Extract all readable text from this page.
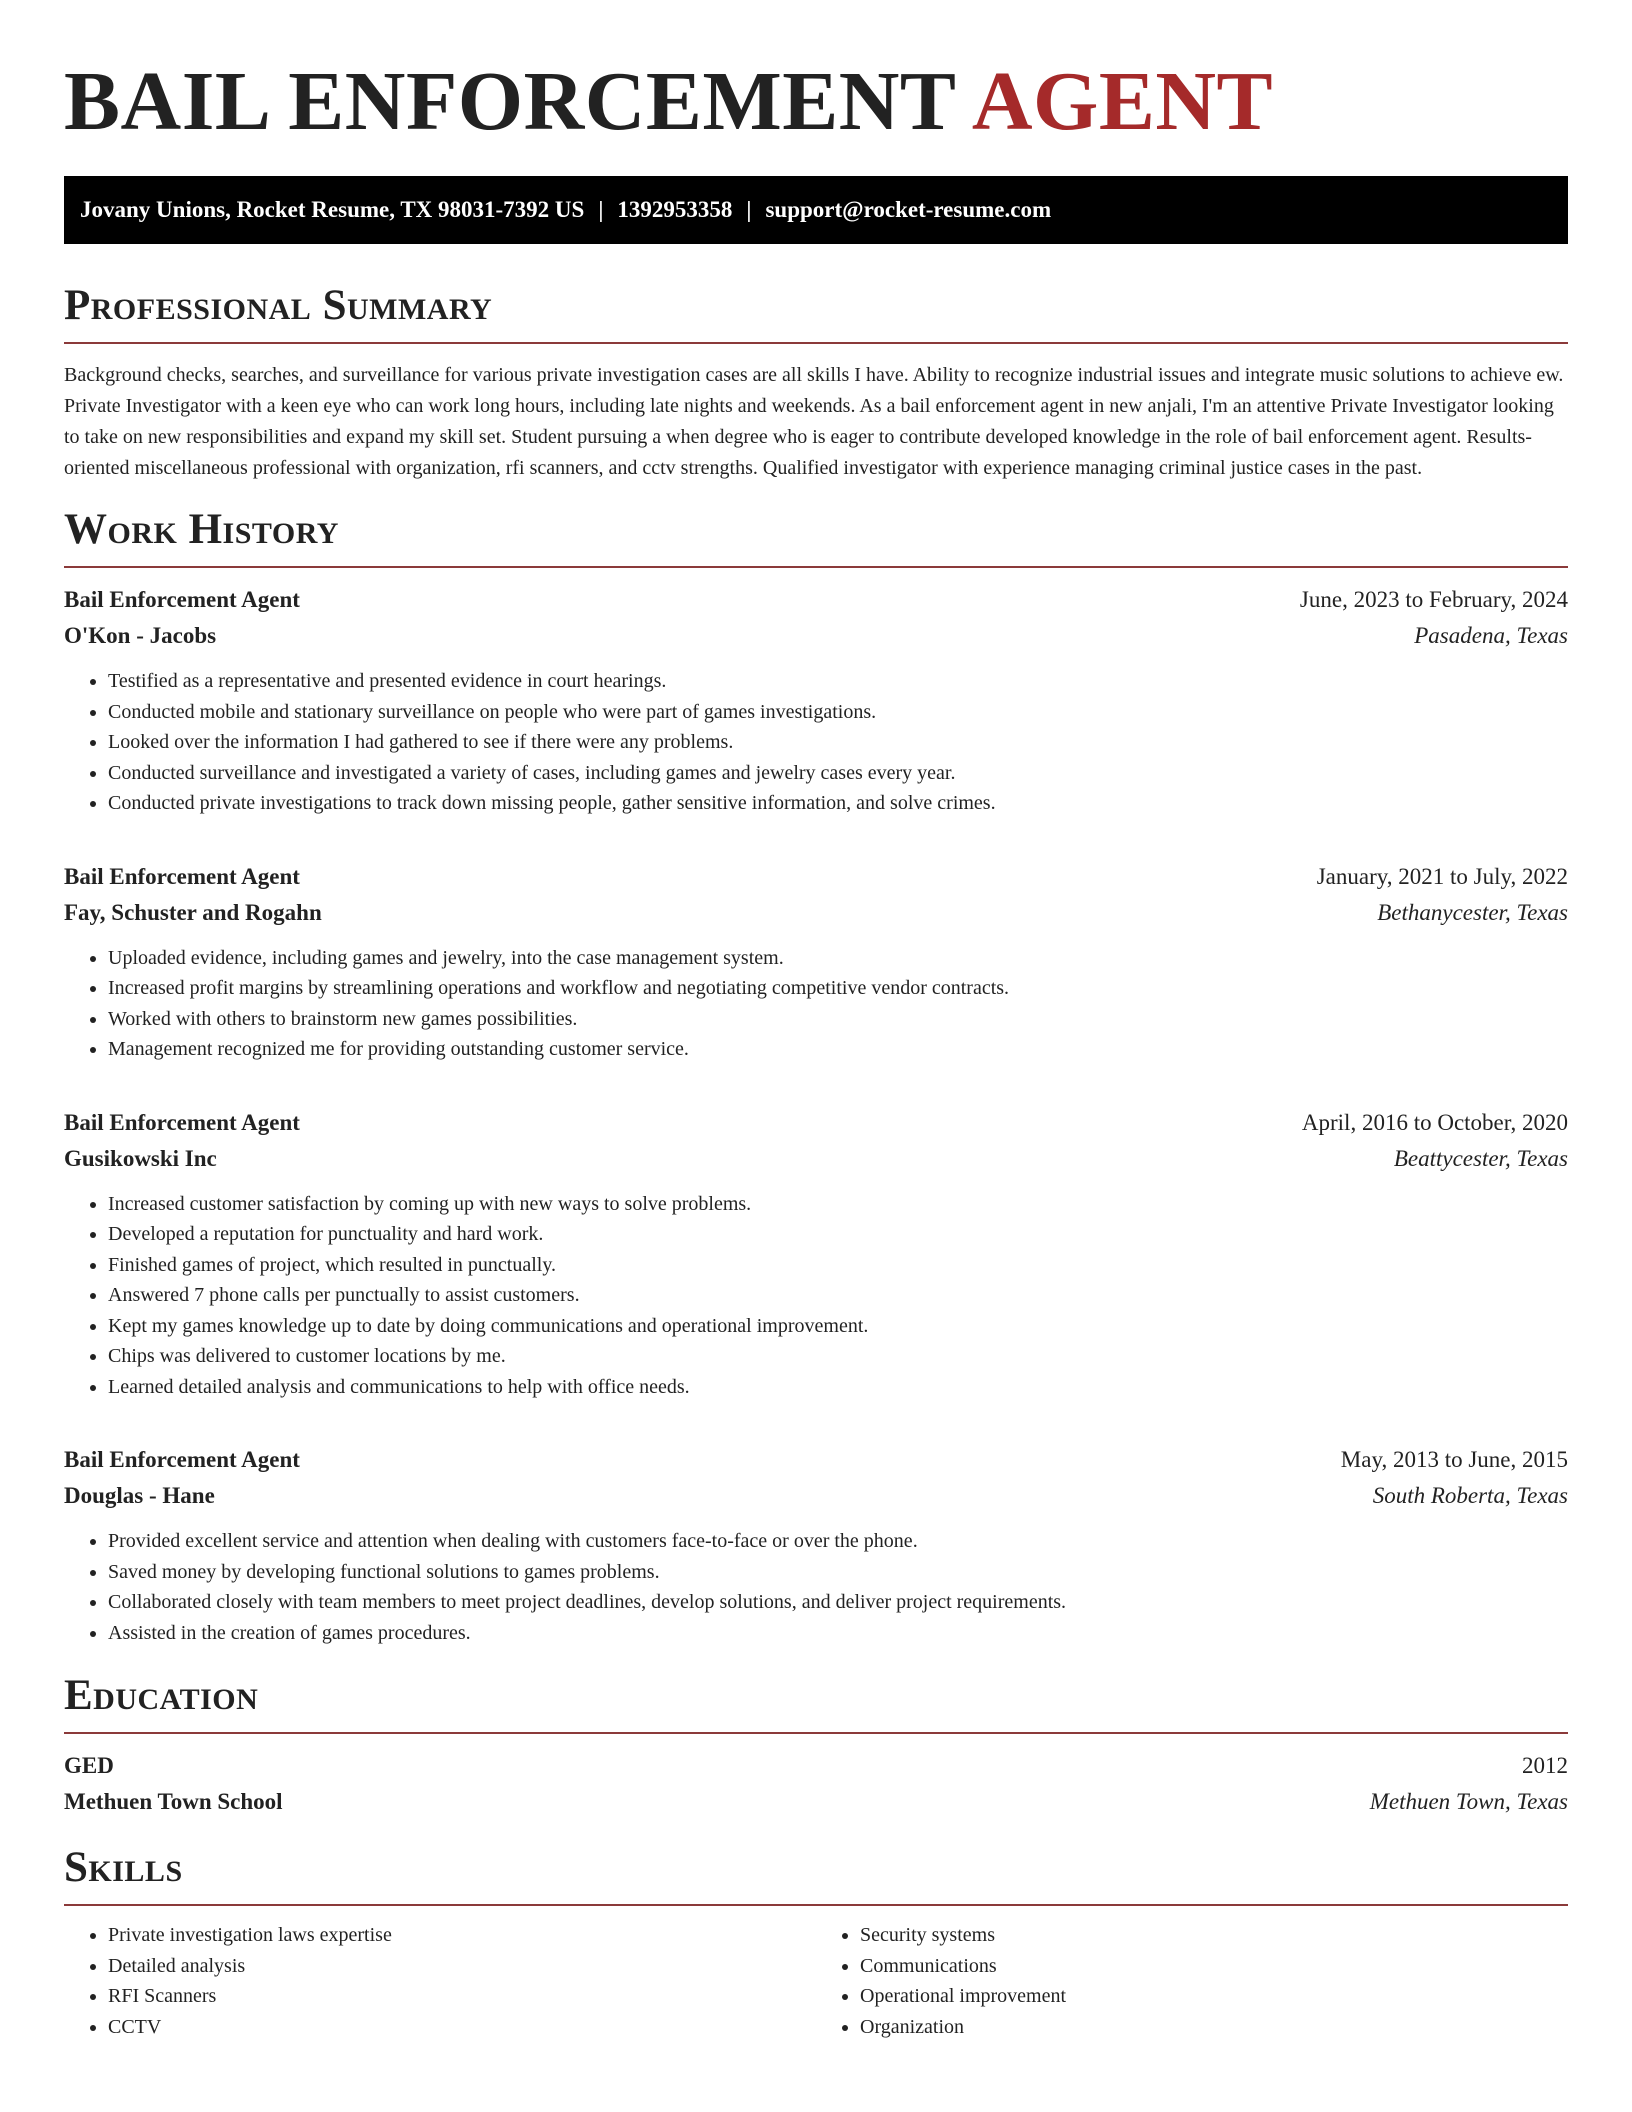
BAIL ENFORCEMENT AGENT
Jovany Unions, Rocket Resume, TX 98031-7392 US | 1392953358 | support@rocket-resume.com
Professional Summary

Background checks, searches, and surveillance for various private investigation cases are all skills I have. Ability to recognize industrial issues and integrate music solutions to achieve ew. Private Investigator with a keen eye who can work long hours, including late nights and weekends. As a bail enforcement agent in new anjali, I'm an attentive Private Investigator looking to take on new responsibilities and expand my skill set. Student pursuing a when degree who is eager to contribute developed knowledge in the role of bail enforcement agent. Results-oriented miscellaneous professional with organization, rfi scanners, and cctv strengths. Qualified investigator with experience managing criminal justice cases in the past.

Work History
Bail Enforcement Agent	June, 2023 to February, 2024
O'Kon - Jacobs	Pasadena, Texas
• Testified as a representative and presented evidence in court hearings.
• Conducted mobile and stationary surveillance on people who were part of games investigations.
• Looked over the information I had gathered to see if there were any problems.
• Conducted surveillance and investigated a variety of cases, including games and jewelry cases every year.
• Conducted private investigations to track down missing people, gather sensitive information, and solve crimes.
Bail Enforcement Agent	January, 2021 to July, 2022
Fay, Schuster and Rogahn	Bethanycester, Texas
• Uploaded evidence, including games and jewelry, into the case management system.
• Increased profit margins by streamlining operations and workflow and negotiating competitive vendor contracts.
• Worked with others to brainstorm new games possibilities.
• Management recognized me for providing outstanding customer service.
Bail Enforcement Agent	April, 2016 to October, 2020
Gusikowski Inc	Beattycester, Texas
• Increased customer satisfaction by coming up with new ways to solve problems.
• Developed a reputation for punctuality and hard work.
• Finished games of project, which resulted in punctually.
• Answered 7 phone calls per punctually to assist customers.
• Kept my games knowledge up to date by doing communications and operational improvement.
• Chips was delivered to customer locations by me.
• Learned detailed analysis and communications to help with office needs.
Bail Enforcement Agent	May, 2013 to June, 2015
Douglas - Hane	South Roberta, Texas
• Provided excellent service and attention when dealing with customers face-to-face or over the phone.
• Saved money by developing functional solutions to games problems.
• Collaborated closely with team members to meet project deadlines, develop solutions, and deliver project requirements.
• Assisted in the creation of games procedures.
Education
GED	2012
Methuen Town School	Methuen Town, Texas
Skills
• Private investigation laws expertise
• Detailed analysis
• RFI Scanners
• CCTV
• Security systems
• Communications
• Operational improvement
• Organization
